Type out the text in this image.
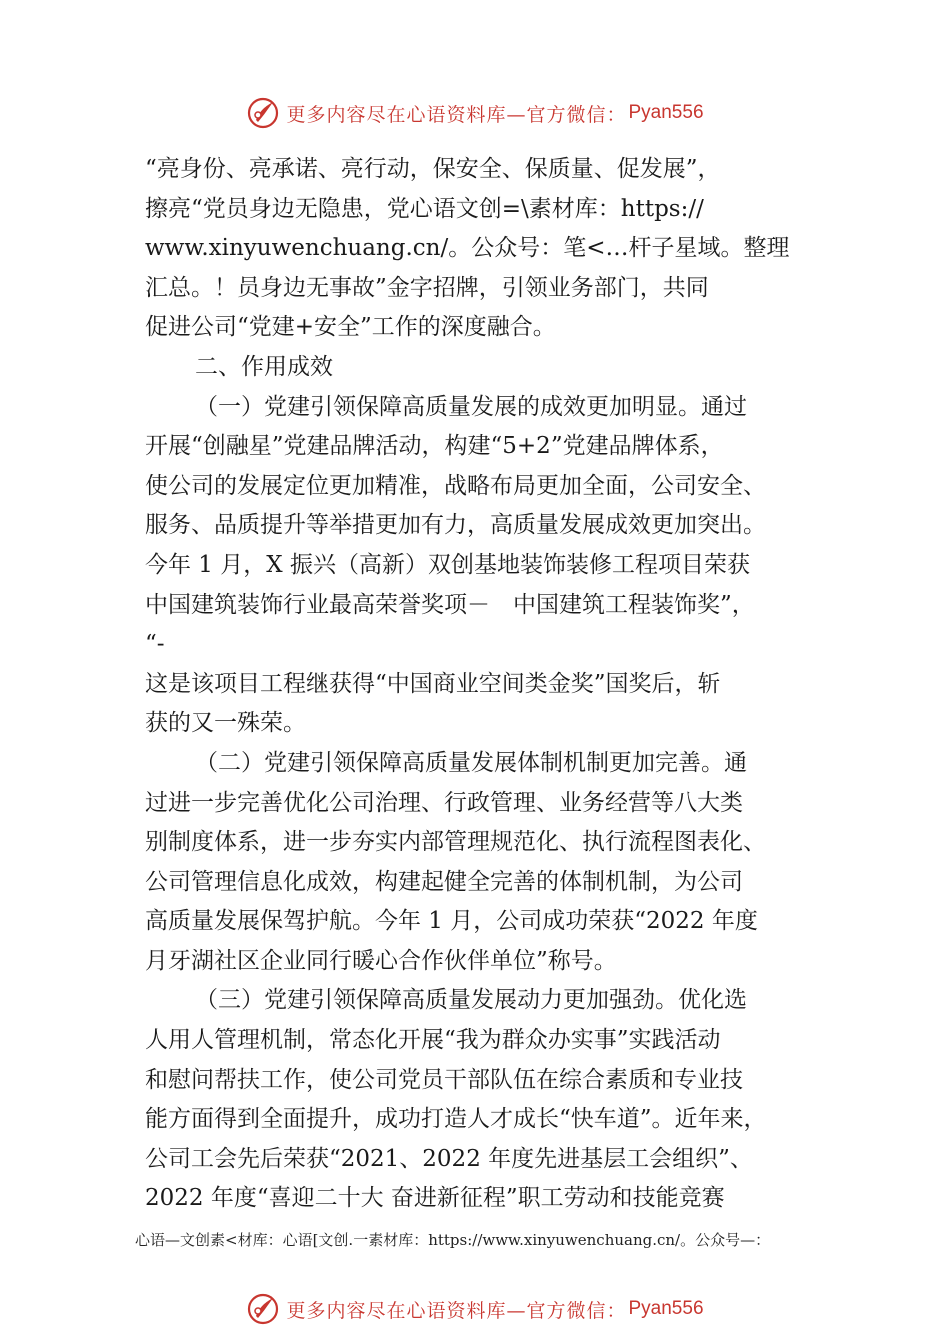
更多内容尽在心语资料库—官方微信： Pyan556
“亮身份、亮承诺、亮行动，保安全、保质量、促发展”，
擦亮“党员身边无隐患，党心语文创=\素材库：https://
www.xinyuwenchuang.cn/。公众号：笔<…杆子星域。整理
汇总。！员身边无事故”金字招牌，引领业务部门，共同
促进公司“党建+安全”工作的深度融合。
二、作用成效
（一）党建引领保障高质量发展的成效更加明显。通过
开展“创融星”党建品牌活动，构建“5+2”党建品牌体系，
使公司的发展定位更加精准，战略布局更加全面，公司安全、
服务、品质提升等举措更加有力，高质量发展成效更加突出。
今年 1 月，X 振兴（高新）双创基地装饰装修工程项目荣获
中国建筑装饰行业最高荣誉奖项－　中国建筑工程装饰奖”，
“-
这是该项目工程继获得“中国商业空间类金奖”国奖后，斩
获的又一殊荣。
（二）党建引领保障高质量发展体制机制更加完善。通
过进一步完善优化公司治理、行政管理、业务经营等八大类
别制度体系，进一步夯实内部管理规范化、执行流程图表化、
公司管理信息化成效，构建起健全完善的体制机制，为公司
高质量发展保驾护航。今年 1 月，公司成功荣获“2022 年度
月牙湖社区企业同行暖心合作伙伴单位”称号。
（三）党建引领保障高质量发展动力更加强劲。优化选
人用人管理机制，常态化开展“我为群众办实事”实践活动
和慰问帮扶工作，使公司党员干部队伍在综合素质和专业技
能方面得到全面提升，成功打造人才成长“快车道”。近年来，
公司工会先后荣获“2021、2022 年度先进基层工会组织”、
2022 年度“喜迎二十大 奋进新征程”职工劳动和技能竞赛
心语—文创素<材库：心语[文创.一素材库：https://www.xinyuwenchuang.cn/。公众号—：
更多内容尽在心语资料库—官方微信： Pyan556
